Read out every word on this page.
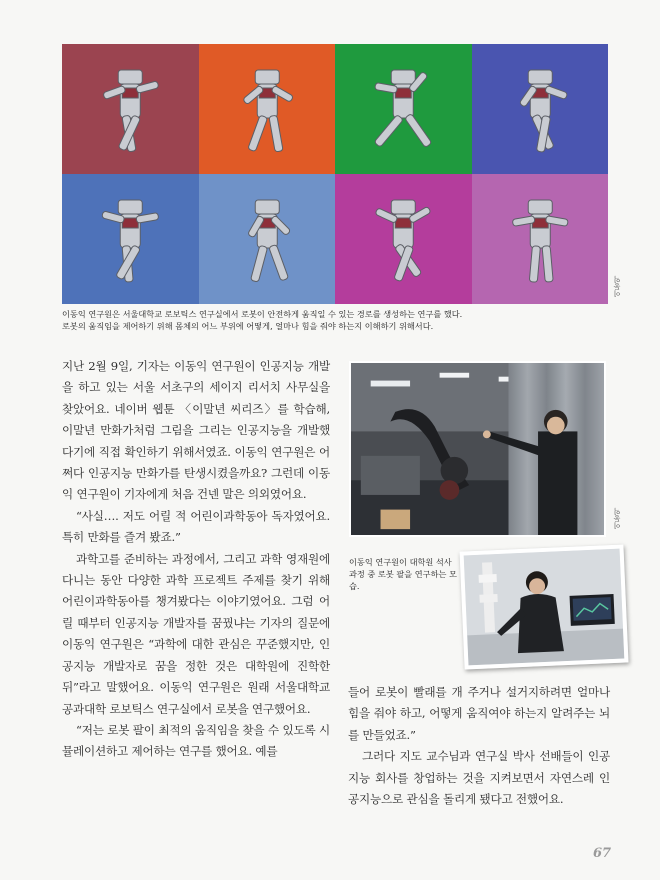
이동익
이동익 연구원은 서울대학교 로보틱스 연구실에서 로봇이 안전하게 움직일 수 있는 경로를 생성하는 연구를 했다.
로봇의 움직임을 제어하기 위해 몸체의 어느 부위에 어떻게, 얼마나 힘을 줘야 하는지 이해하기 위해서다.

지난 2월 9일, 기자는 이동익 연구원이 인공지능 개발을 하고 있는 서울 서초구의 세이지 리서치 사무실을 찾았어요. 네이버 웹툰 〈이말년 씨리즈〉를 학습해, 이말년 만화가처럼 그림을 그리는 인공지능을 개발했다기에 직접 확인하기 위해서였죠. 이동익 연구원은 어쩌다 인공지능 만화가를 탄생시켰을까요? 그런데 이동익 연구원이 기자에게 처음 건넨 말은 의외였어요.

“사실…. 저도 어릴 적 어린이과학동아 독자였어요. 특히 만화를 즐겨 봤죠.”

과학고를 준비하는 과정에서, 그리고 과학 영재원에 다니는 동안 다양한 과학 프로젝트 주제를 찾기 위해 어린이과학동아를 챙겨봤다는 이야기였어요. 그럼 어릴 때부터 인공지능 개발자를 꿈꿨냐는 기자의 질문에 이동익 연구원은 “과학에 대한 관심은 꾸준했지만, 인공지능 개발자로 꿈을 정한 것은 대학원에 진학한 뒤”라고 말했어요. 이동익 연구원은 원래 서울대학교 공과대학 로보틱스 연구실에서 로봇을 연구했어요.

“저는 로봇 팔이 최적의 움직임을 찾을 수 있도록 시뮬레이션하고 제어하는 연구를 했어요. 예를

이동익
이동익 연구원이 대학원 석사 과정 중 로봇 팔을 연구하는 모습.

들어 로봇이 빨래를 개 주거나 설거지하려면 얼마나 힘을 줘야 하고, 어떻게 움직여야 하는지 알려주는 뇌를 만들었죠.”

그러다 지도 교수님과 연구실 박사 선배들이 인공지능 회사를 창업하는 것을 지켜보면서 자연스레 인공지능으로 관심을 돌리게 됐다고 전했어요.

67
